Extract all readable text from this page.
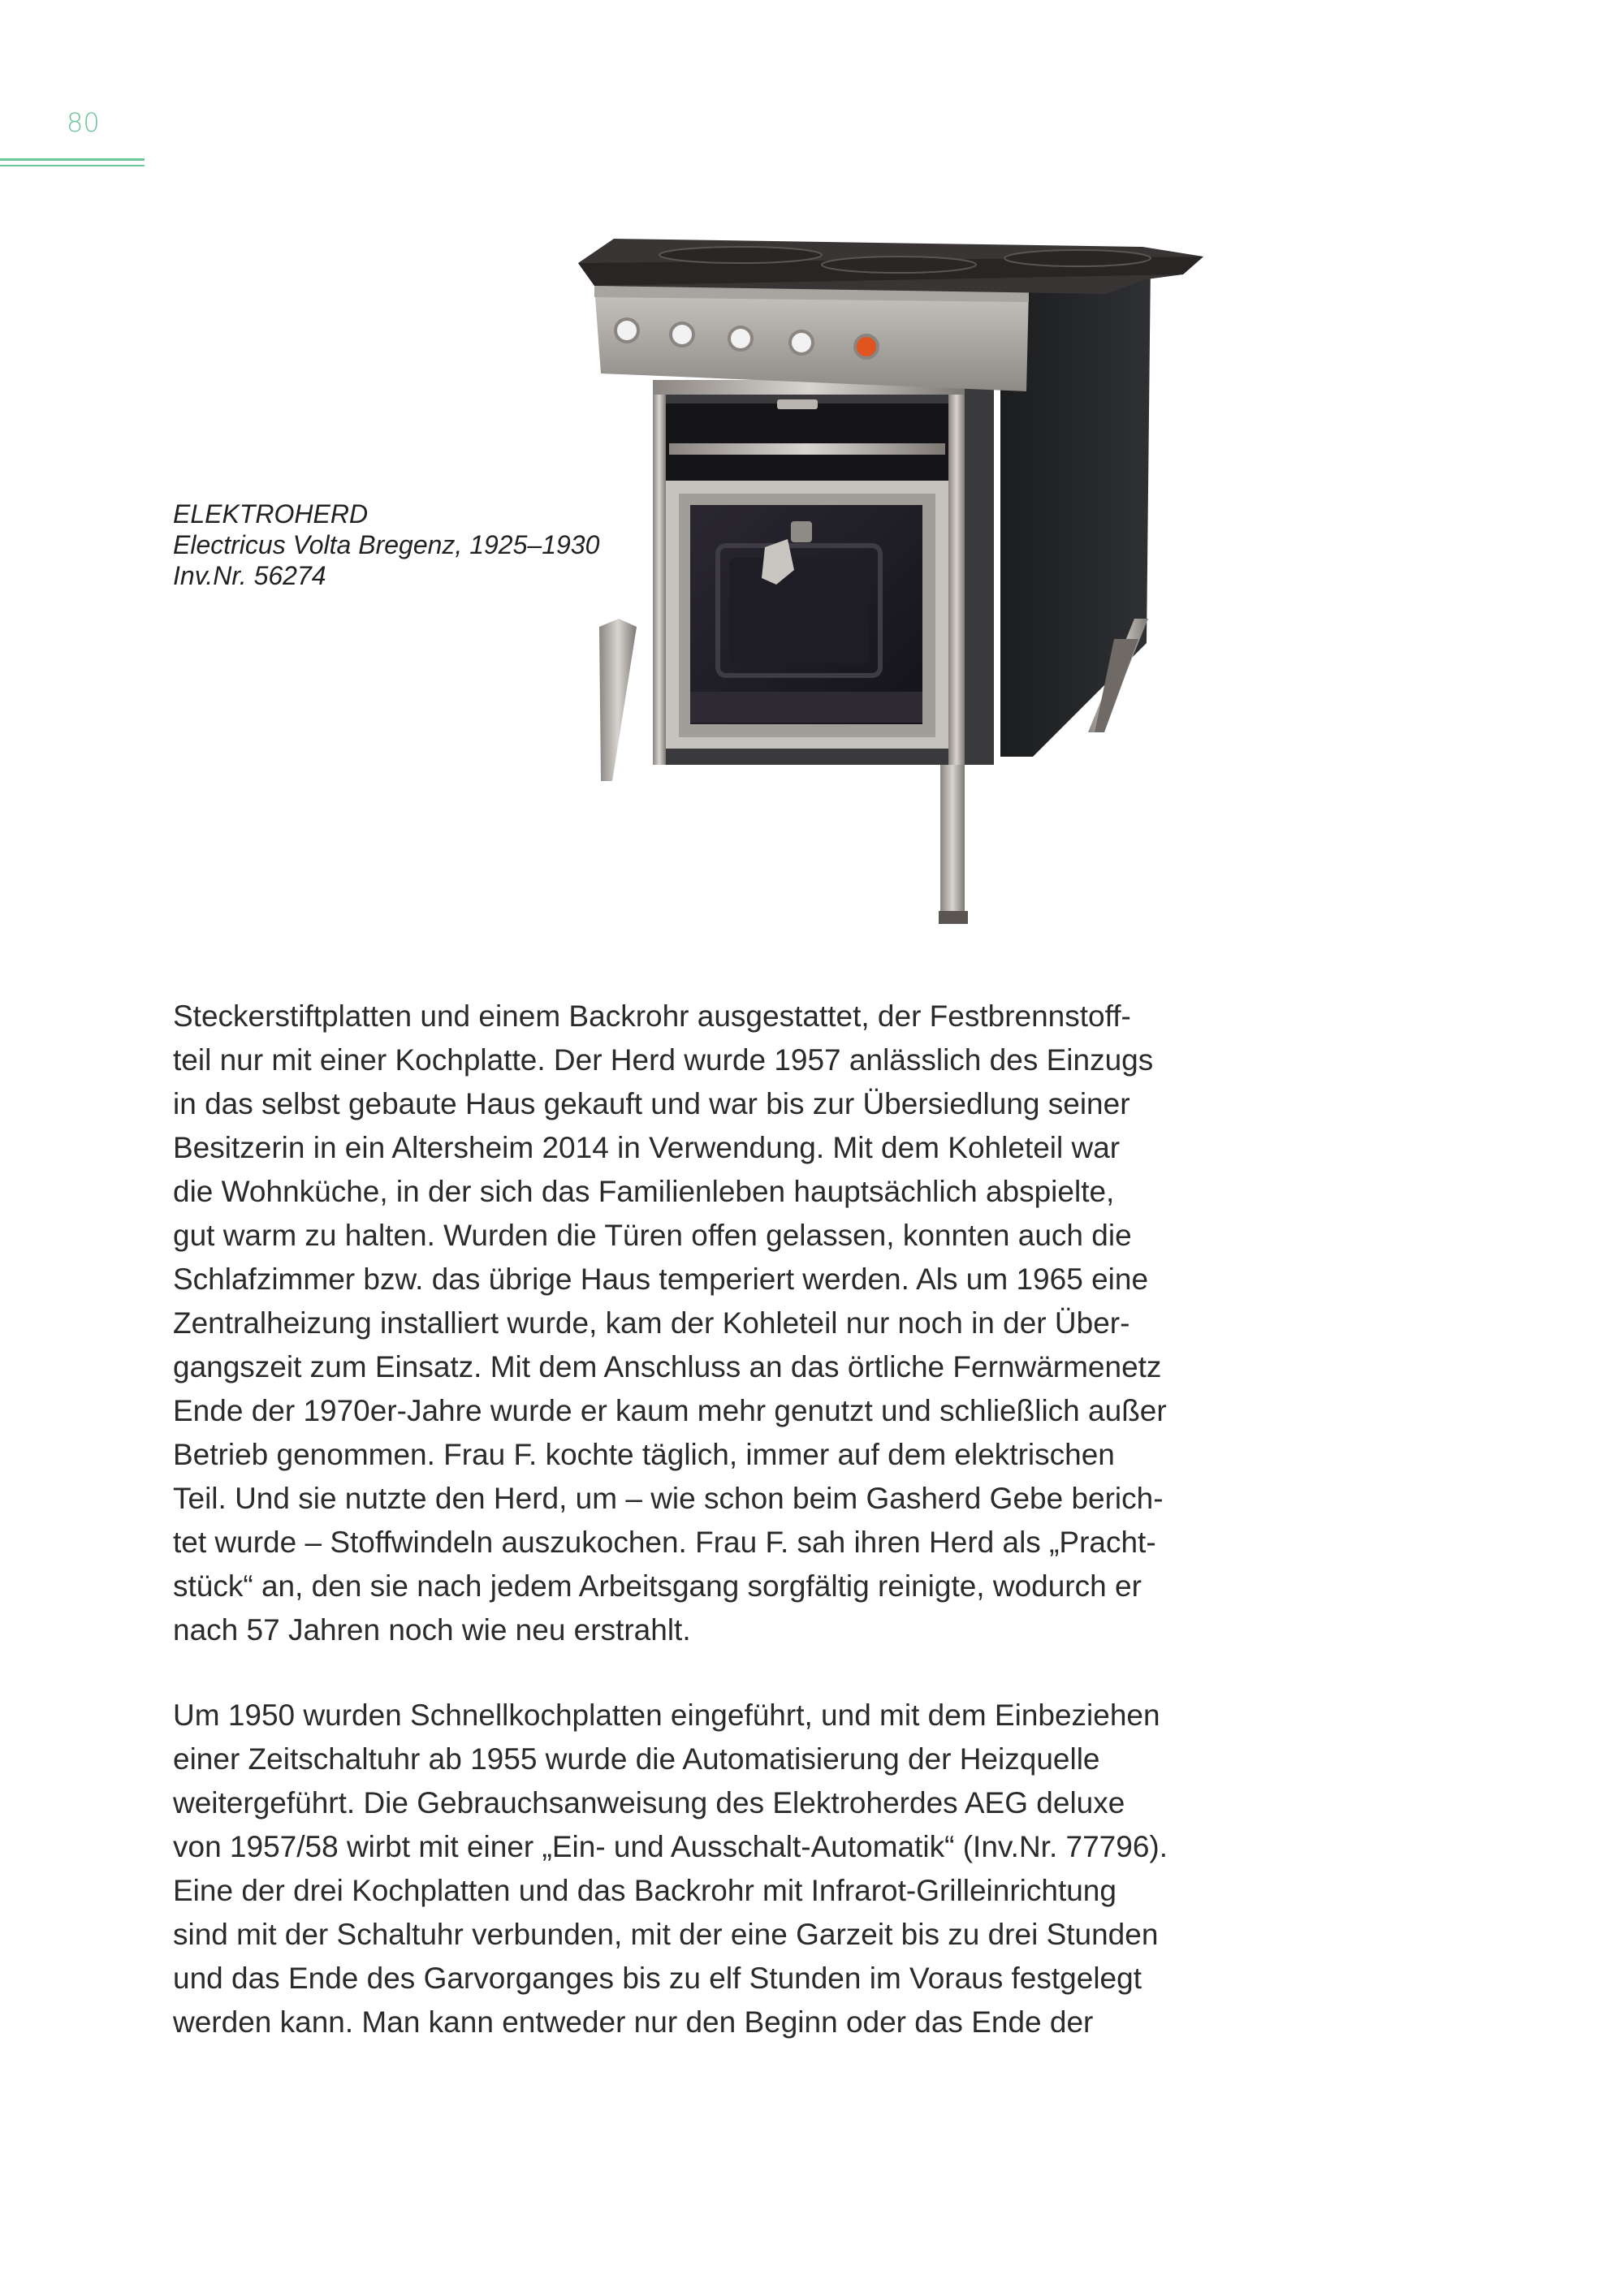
80
ELEKTROHERD
Electricus Volta Bregenz, 1925–1930
Inv.Nr. 56274
Steckerstiftplatten und einem Backrohr ausgestattet, der Festbrennstoff-
teil nur mit einer Kochplatte. Der Herd wurde 1957 anlässlich des Einzugs
in das selbst gebaute Haus gekauft und war bis zur Übersiedlung seiner
Besitzerin in ein Altersheim 2014 in Verwendung. Mit dem Kohleteil war
die Wohnküche, in der sich das Familienleben hauptsächlich abspielte,
gut warm zu halten. Wurden die Türen offen gelassen, konnten auch die
Schlafzimmer bzw. das übrige Haus temperiert werden. Als um 1965 eine
Zentralheizung installiert wurde, kam der Kohleteil nur noch in der Über-
gangszeit zum Einsatz. Mit dem Anschluss an das örtliche Fernwärmenetz
Ende der 1970er-Jahre wurde er kaum mehr genutzt und schließlich außer
Betrieb genommen. Frau F. kochte täglich, immer auf dem elektrischen
Teil. Und sie nutzte den Herd, um – wie schon beim Gasherd Gebe berich-
tet wurde – Stoffwindeln auszukochen. Frau F. sah ihren Herd als „Pracht-
stück“ an, den sie nach jedem Arbeitsgang sorgfältig reinigte, wodurch er
nach 57 Jahren noch wie neu erstrahlt.
Um 1950 wurden Schnellkochplatten eingeführt, und mit dem Einbeziehen
einer Zeitschaltuhr ab 1955 wurde die Automatisierung der Heizquelle
weitergeführt. Die Gebrauchsanweisung des Elektroherdes AEG deluxe
von 1957/58 wirbt mit einer „Ein- und Ausschalt-Automatik“ (Inv.Nr. 77796).
Eine der drei Kochplatten und das Backrohr mit Infrarot-Grilleinrichtung
sind mit der Schaltuhr verbunden, mit der eine Garzeit bis zu drei Stunden
und das Ende des Garvorganges bis zu elf Stunden im Voraus festgelegt
werden kann. Man kann entweder nur den Beginn oder das Ende der
